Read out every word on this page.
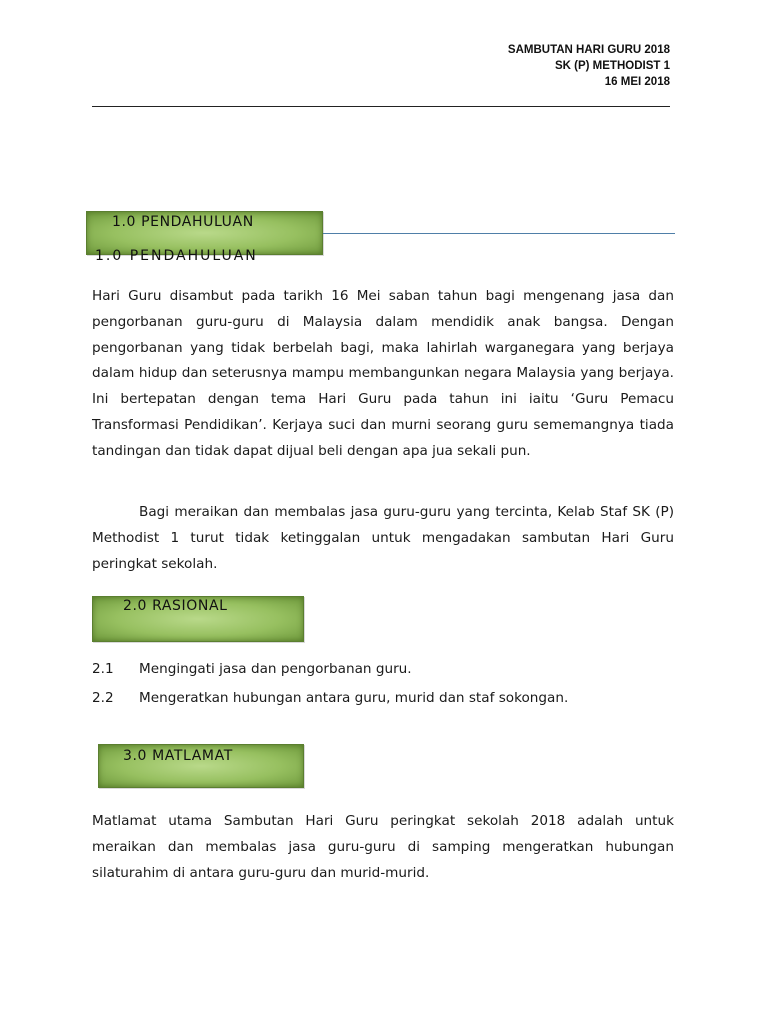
SAMBUTAN HARI GURU 2018
SK (P) METHODIST 1
16 MEI 2018
1.0 PENDAHULUAN
1.0 PENDAHULUAN

Hari Guru disambut pada tarikh 16 Mei saban tahun bagi mengenang jasa dan pengorbanan guru-guru di Malaysia dalam mendidik anak bangsa. Dengan pengorbanan yang tidak berbelah bagi, maka lahirlah warganegara yang berjaya dalam hidup dan seterusnya mampu membangunkan negara Malaysia yang berjaya. Ini bertepatan dengan tema Hari Guru pada tahun ini iaitu ‘Guru Pemacu Transformasi Pendidikan’. Kerjaya suci dan murni seorang guru sememangnya tiada tandingan dan tidak dapat dijual beli dengan apa jua sekali pun.

Bagi meraikan dan membalas jasa guru-guru yang tercinta, Kelab Staf SK (P) Methodist 1 turut tidak ketinggalan untuk mengadakan sambutan Hari Guru peringkat sekolah.

2.0 RASIONAL
2.1 Mengingati jasa dan pengorbanan guru.
2.2 Mengeratkan hubungan antara guru, murid dan staf sokongan.
3.0 MATLAMAT

Matlamat utama Sambutan Hari Guru peringkat sekolah 2018 adalah untuk meraikan dan membalas jasa guru-guru di samping mengeratkan hubungan silaturahim di antara guru-guru dan murid-murid.
